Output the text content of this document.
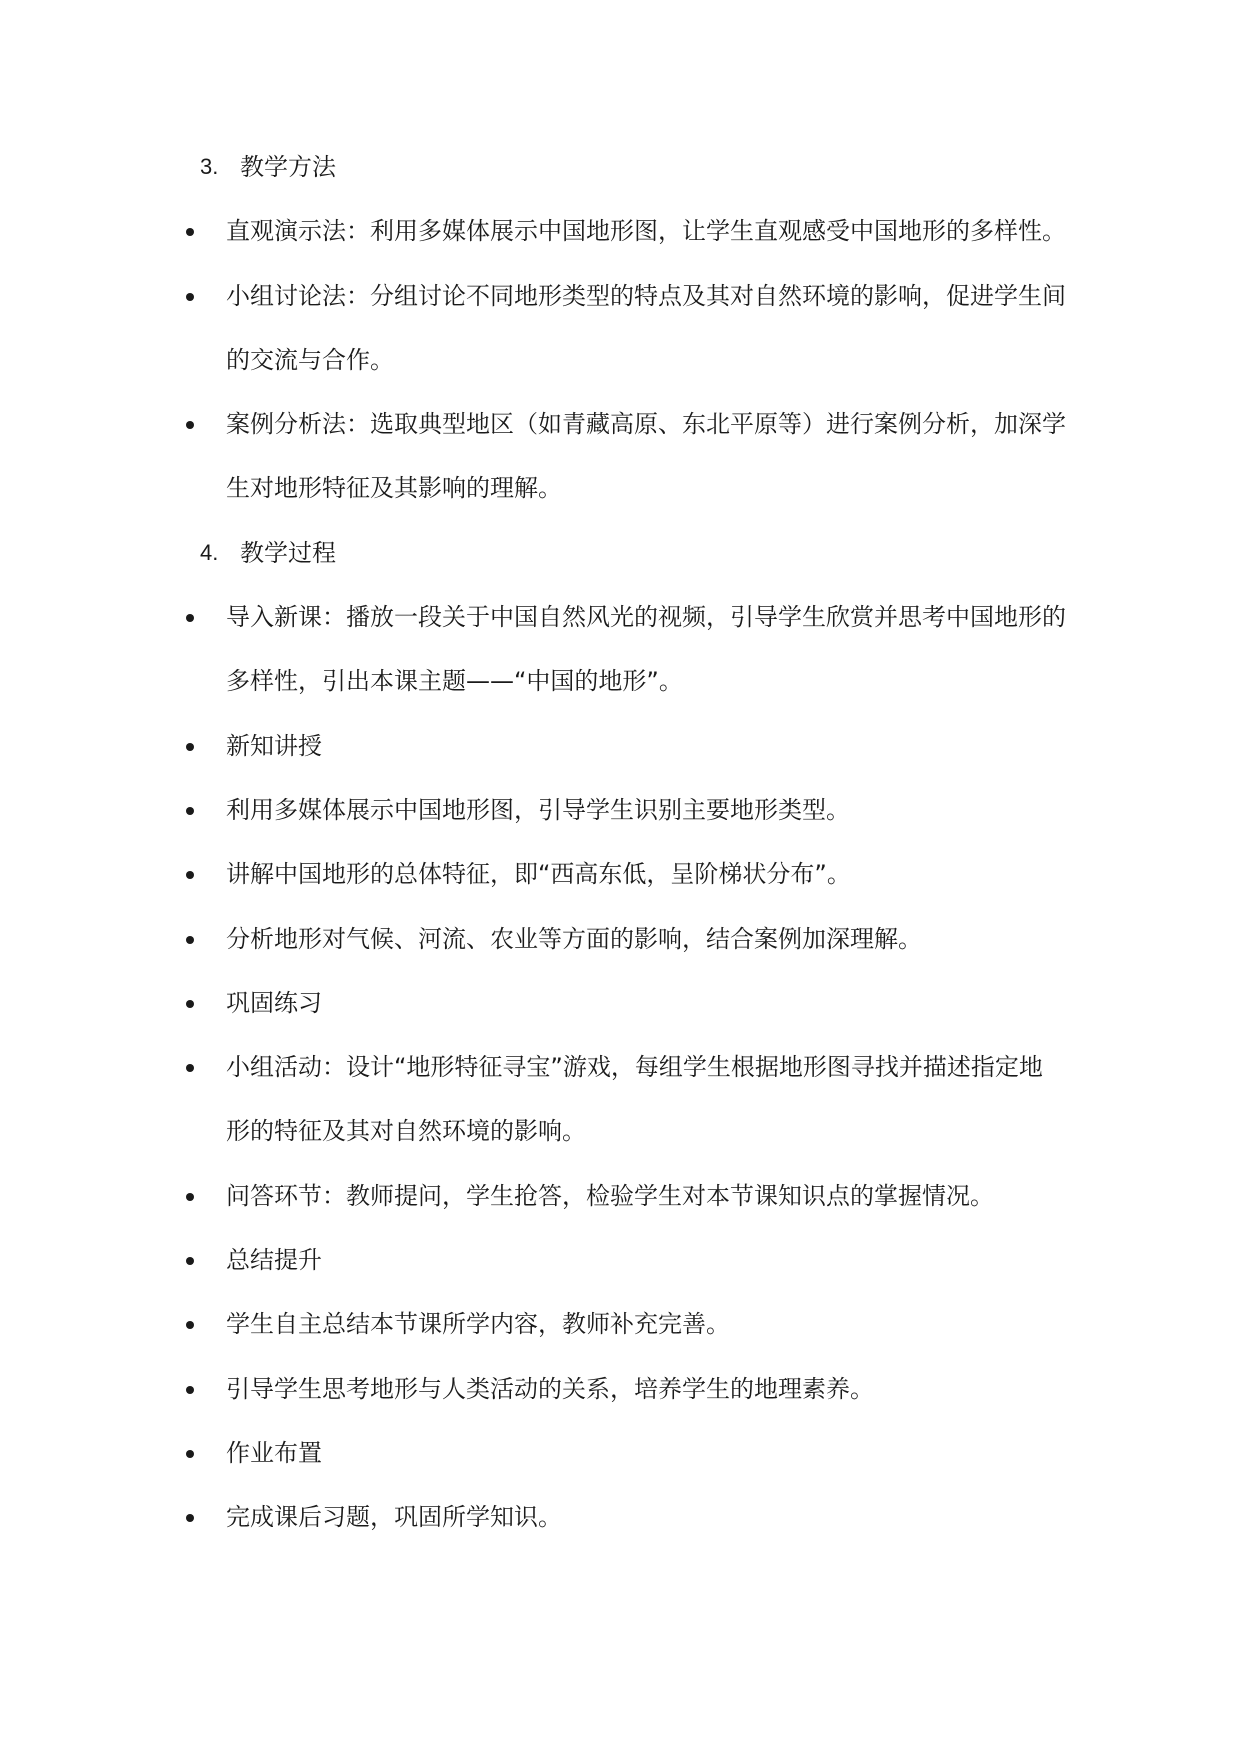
3. 教学方法
直观演示法：利用多媒体展示中国地形图，让学生直观感受中国地形的多样性。
小组讨论法：分组讨论不同地形类型的特点及其对自然环境的影响，促进学生间
的交流与合作。
案例分析法：选取典型地区（如青藏高原、东北平原等）进行案例分析，加深学
生对地形特征及其影响的理解。
4. 教学过程
导入新课：播放一段关于中国自然风光的视频，引导学生欣赏并思考中国地形的
多样性，引出本课主题——“中国的地形”。
新知讲授
利用多媒体展示中国地形图，引导学生识别主要地形类型。
讲解中国地形的总体特征，即“西高东低，呈阶梯状分布”。
分析地形对气候、河流、农业等方面的影响，结合案例加深理解。
巩固练习
小组活动：设计“地形特征寻宝”游戏，每组学生根据地形图寻找并描述指定地
形的特征及其对自然环境的影响。
问答环节：教师提问，学生抢答，检验学生对本节课知识点的掌握情况。
总结提升
学生自主总结本节课所学内容，教师补充完善。
引导学生思考地形与人类活动的关系，培养学生的地理素养。
作业布置
完成课后习题，巩固所学知识。
